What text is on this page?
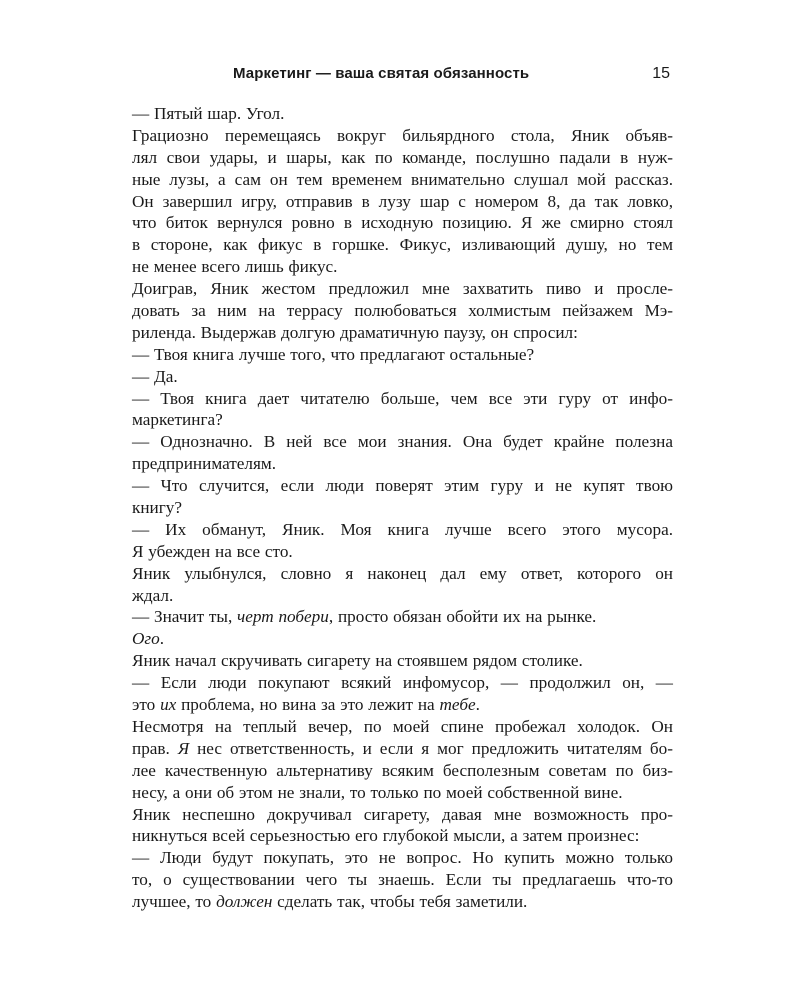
Маркетинг — ваша святая обязанность	15
— Пятый шар. Угол.
Грациозно перемещаясь вокруг бильярдного стола, Яник объяв-
лял свои удары, и шары, как по команде, послушно падали в нуж-
ные лузы, а сам он тем временем внимательно слушал мой рассказ.
Он завершил игру, отправив в лузу шар с номером 8, да так ловко,
что биток вернулся ровно в исходную позицию. Я же смирно стоял
в стороне, как фикус в горшке. Фикус, изливающий душу, но тем
не менее всего лишь фикус.
Доиграв, Яник жестом предложил мне захватить пиво и просле-
довать за ним на террасу полюбоваться холмистым пейзажем Мэ-
риленда. Выдержав долгую драматичную паузу, он спросил:
— Твоя книга лучше того, что предлагают остальные?
— Да.
— Твоя книга дает читателю больше, чем все эти гуру от инфо-
маркетинга?
— Однозначно. В ней все мои знания. Она будет крайне полезна
предпринимателям.
— Что случится, если люди поверят этим гуру и не купят твою
книгу?
— Их обманут, Яник. Моя книга лучше всего этого мусора.
Я убежден на все сто.
Яник улыбнулся, словно я наконец дал ему ответ, которого он
ждал.
— Значит ты, черт побери, просто обязан обойти их на рынке.
Ого.
Яник начал скручивать сигарету на стоявшем рядом столике.
— Если люди покупают всякий инфомусор, — продолжил он, —
это их проблема, но вина за это лежит на тебе.
Несмотря на теплый вечер, по моей спине пробежал холодок. Он
прав. Я нес ответственность, и если я мог предложить читателям бо-
лее качественную альтернативу всяким бесполезным советам по биз-
несу, а они об этом не знали, то только по моей собственной вине.
Яник неспешно докручивал сигарету, давая мне возможность про-
никнуться всей серьезностью его глубокой мысли, а затем произнес:
— Люди будут покупать, это не вопрос. Но купить можно только
то, о существовании чего ты знаешь. Если ты предлагаешь что-то
лучшее, то должен сделать так, чтобы тебя заметили.
